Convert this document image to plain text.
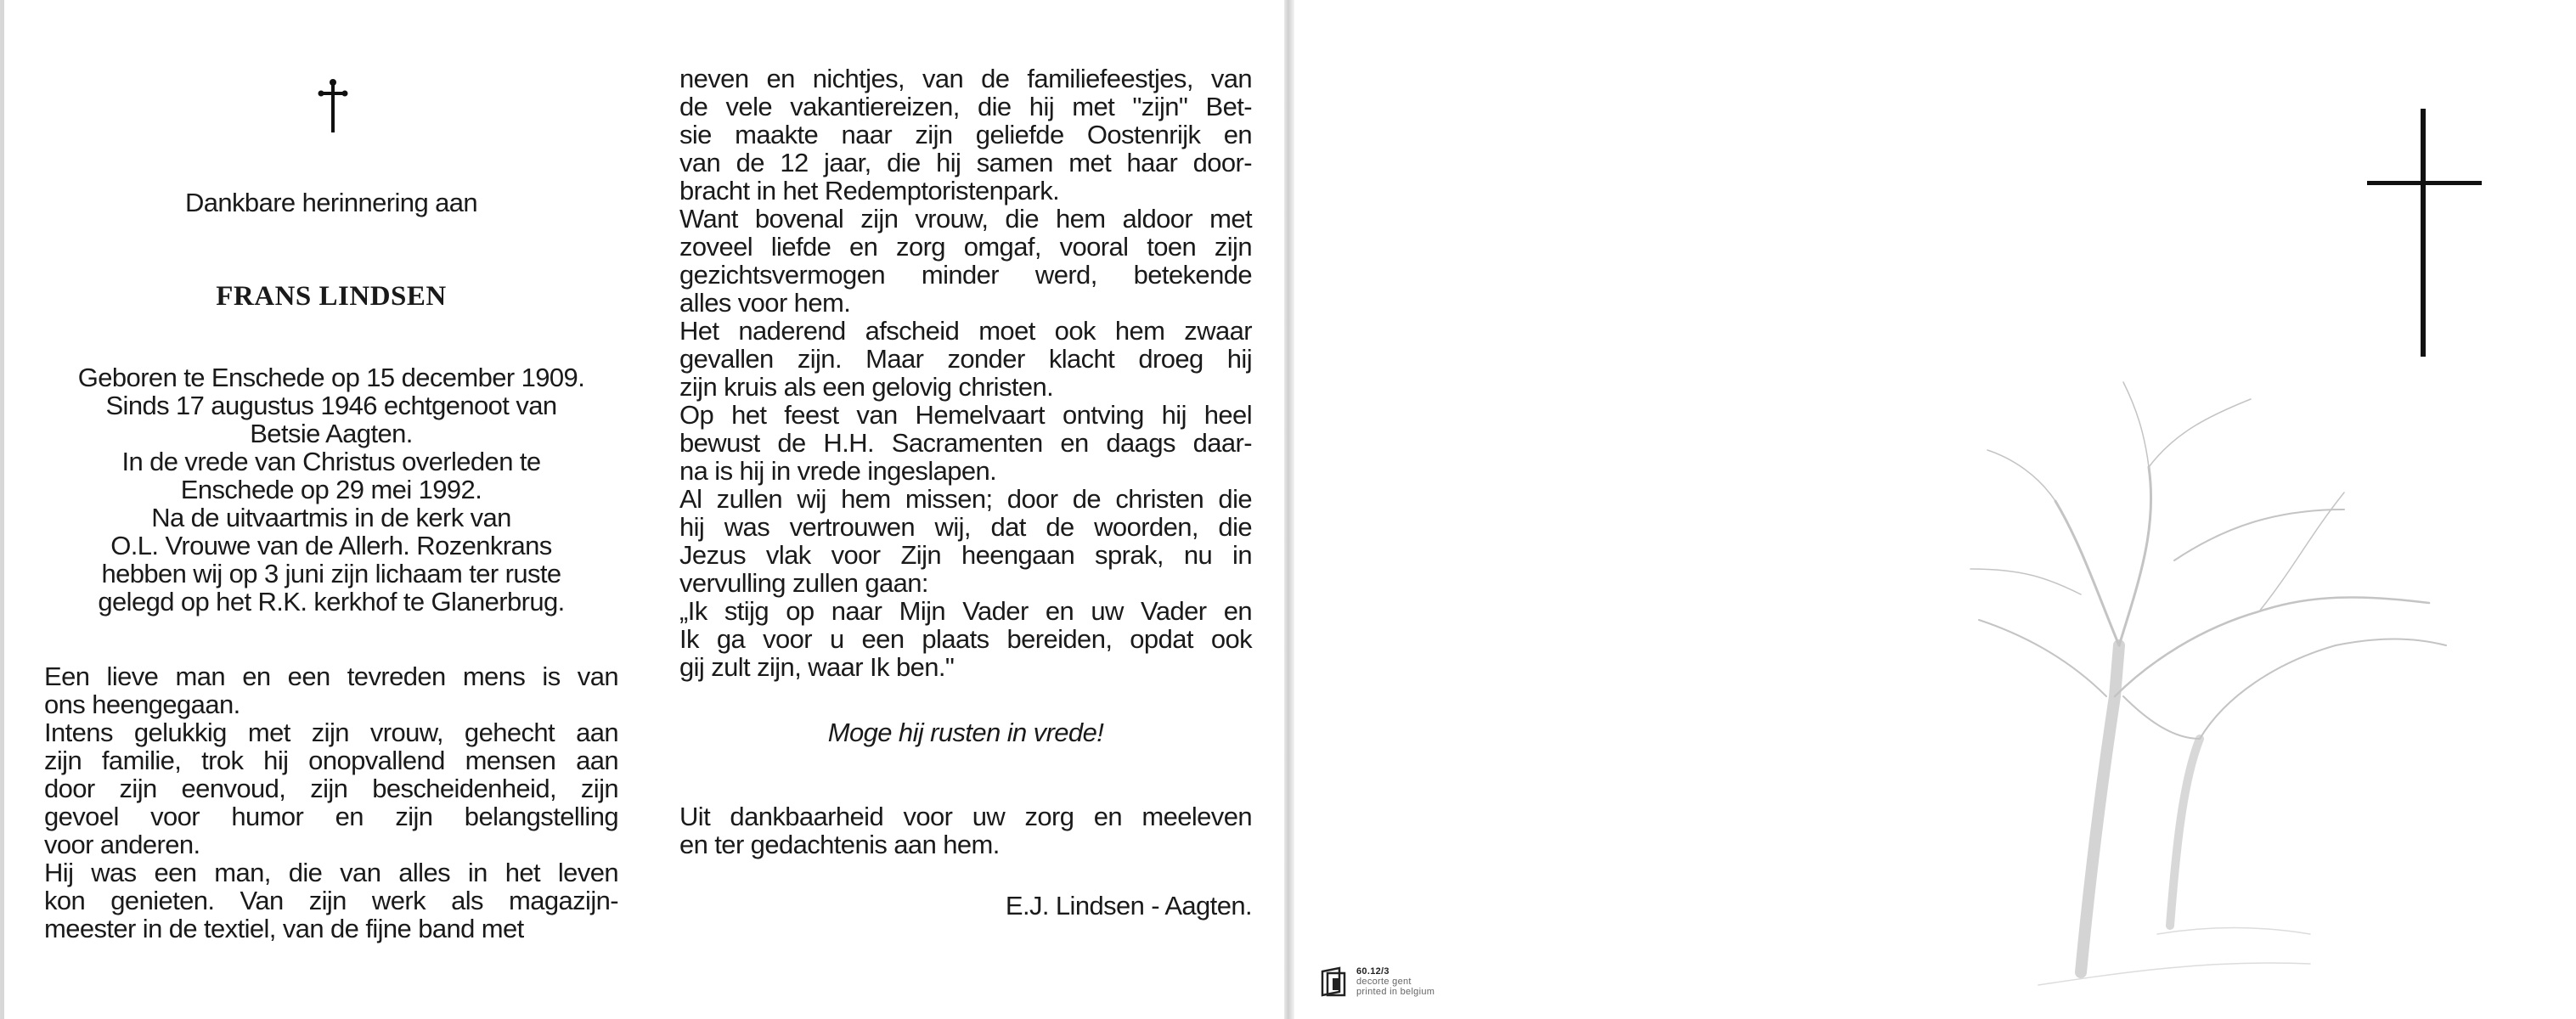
Dankbare herinnering aan
FRANS LINDSEN
Geboren te Enschede op 15 december 1909.
Sinds 17 augustus 1946 echtgenoot van
Betsie Aagten.
In de vrede van Christus overleden te
Enschede op 29 mei 1992.
Na de uitvaartmis in de kerk van
O.L. Vrouwe van de Allerh. Rozenkrans
hebben wij op 3 juni zijn lichaam ter ruste
gelegd op het R.K. kerkhof te Glanerbrug.
Een lieve man en een tevreden mens is van
ons heengegaan.
Intens gelukkig met zijn vrouw, gehecht aan
zijn familie, trok hij onopvallend mensen aan
door zijn eenvoud, zijn bescheidenheid, zijn
gevoel voor humor en zijn belangstelling
voor anderen.
Hij was een man, die van alles in het leven
kon genieten. Van zijn werk als magazijn-
meester in de textiel, van de fijne band met
neven en nichtjes, van de familiefeestjes, van
de vele vakantiereizen, die hij met "zijn" Bet-
sie maakte naar zijn geliefde Oostenrijk en
van de 12 jaar, die hij samen met haar door-
bracht in het Redemptoristenpark.
Want bovenal zijn vrouw, die hem aldoor met
zoveel liefde en zorg omgaf, vooral toen zijn
gezichtsvermogen minder werd, betekende
alles voor hem.
Het naderend afscheid moet ook hem zwaar
gevallen zijn. Maar zonder klacht droeg hij
zijn kruis als een gelovig christen.
Op het feest van Hemelvaart ontving hij heel
bewust de H.H. Sacramenten en daags daar-
na is hij in vrede ingeslapen.
Al zullen wij hem missen; door de christen die
hij was vertrouwen wij, dat de woorden, die
Jezus vlak voor Zijn heengaan sprak, nu in
vervulling zullen gaan:
„Ik stijg op naar Mijn Vader en uw Vader en
Ik ga voor u een plaats bereiden, opdat ook
gij zult zijn, waar Ik ben."
Moge hij rusten in vrede!
Uit dankbaarheid voor uw zorg en meeleven
en ter gedachtenis aan hem.
E.J. Lindsen - Aagten.
60.12/3
decorte gent
printed in belgium
